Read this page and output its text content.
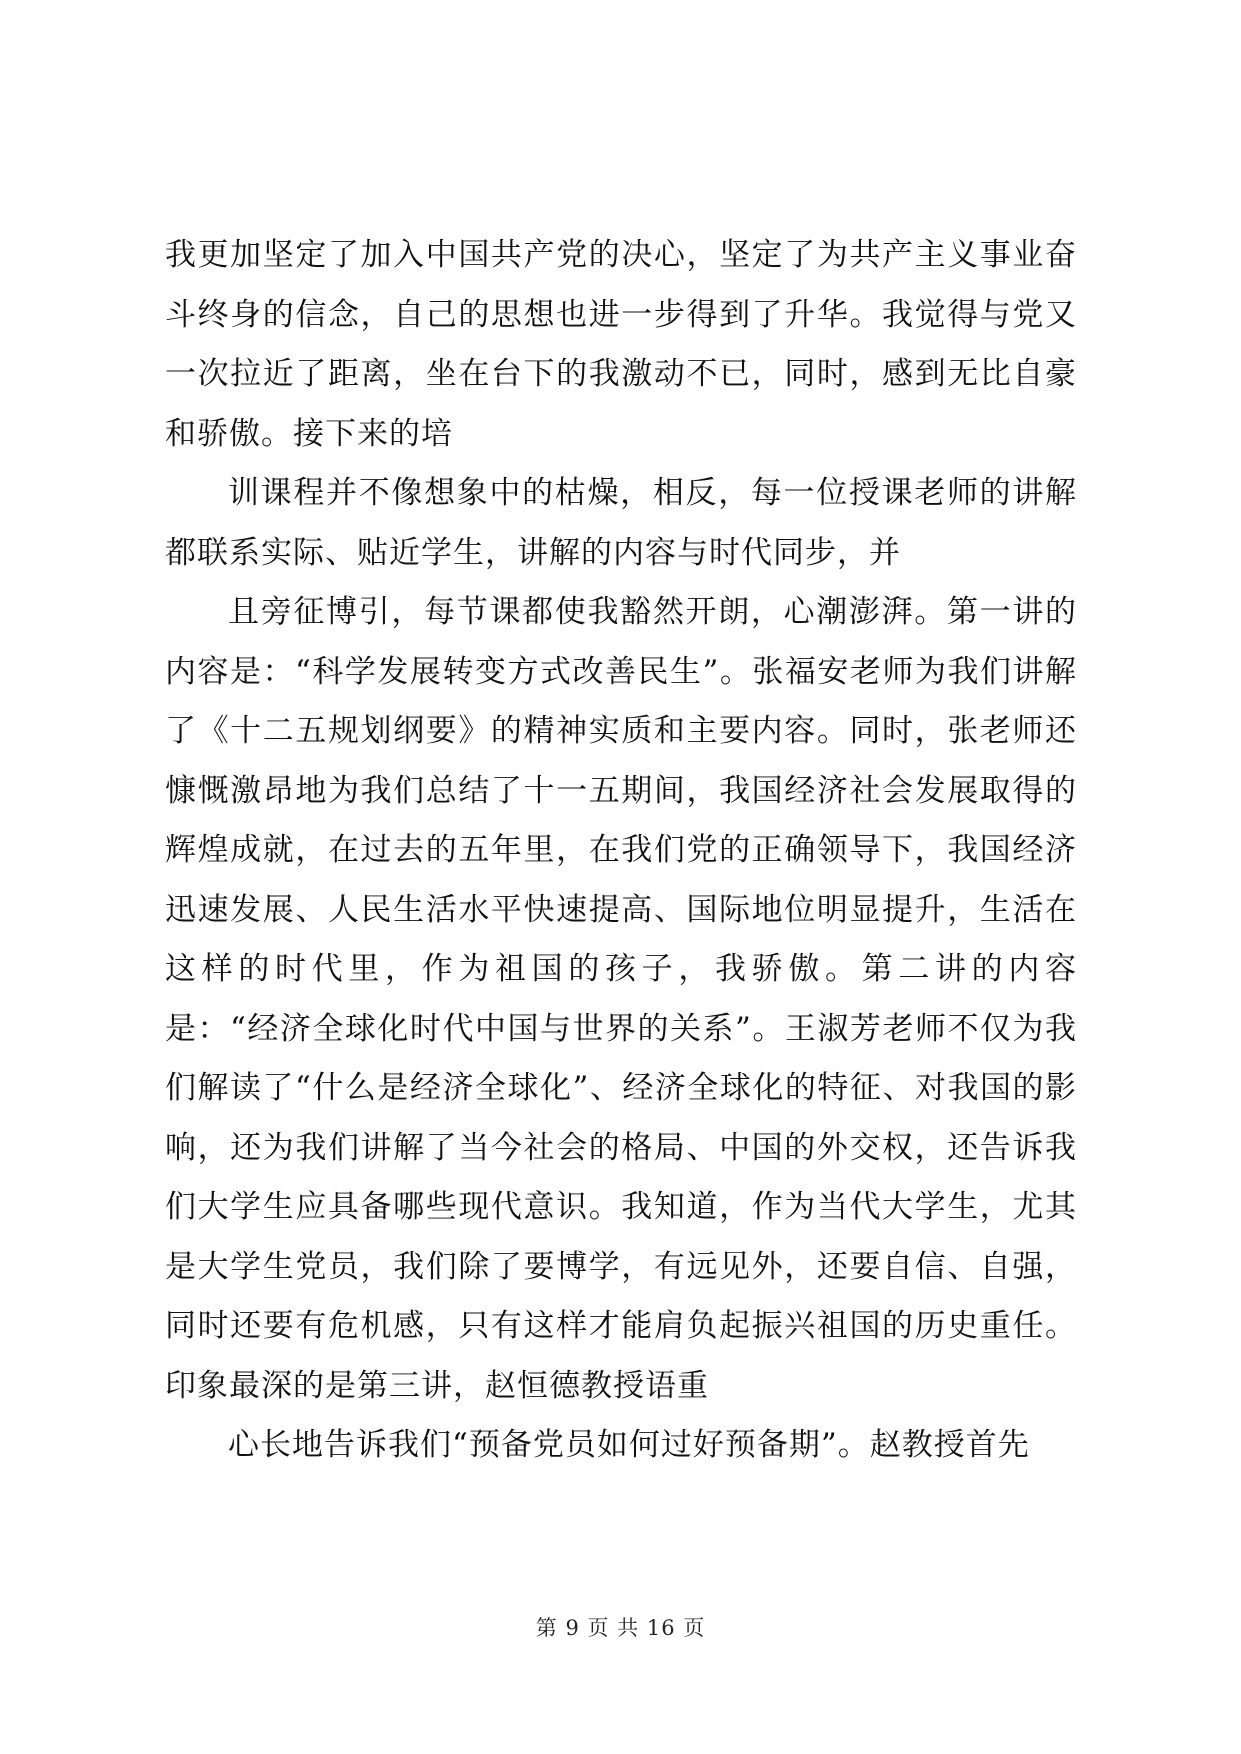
我更加坚定了加入中国共产党的决心，坚定了为共产主义事业奋斗终身的信念，自己的思想也进一步得到了升华。我觉得与党又一次拉近了距离，坐在台下的我激动不已，同时，感到无比自豪和骄傲。接下来的培

训课程并不像想象中的枯燥，相反，每一位授课老师的讲解都联系实际、贴近学生，讲解的内容与时代同步，并

且旁征博引，每节课都使我豁然开朗，心潮澎湃。第一讲的内容是：“科学发展转变方式改善民生”。张福安老师为我们讲解了《十二五规划纲要》的精神实质和主要内容。同时，张老师还慷慨激昂地为我们总结了十一五期间，我国经济社会发展取得的辉煌成就，在过去的五年里，在我们党的正确领导下，我国经济迅速发展、人民生活水平快速提高、国际地位明显提升，生活在这样的时代里，作为祖国的孩子，我骄傲。第二讲的内容是：“经济全球化时代中国与世界的关系”。王淑芳老师不仅为我们解读了“什么是经济全球化”、经济全球化的特征、对我国的影响，还为我们讲解了当今社会的格局、中国的外交权，还告诉我们大学生应具备哪些现代意识。我知道，作为当代大学生，尤其是大学生党员，我们除了要博学，有远见外，还要自信、自强，同时还要有危机感，只有这样才能肩负起振兴祖国的历史重任。印象最深的是第三讲，赵恒德教授语重

心长地告诉我们“预备党员如何过好预备期”。赵教授首先

第 9 页 共 16 页
